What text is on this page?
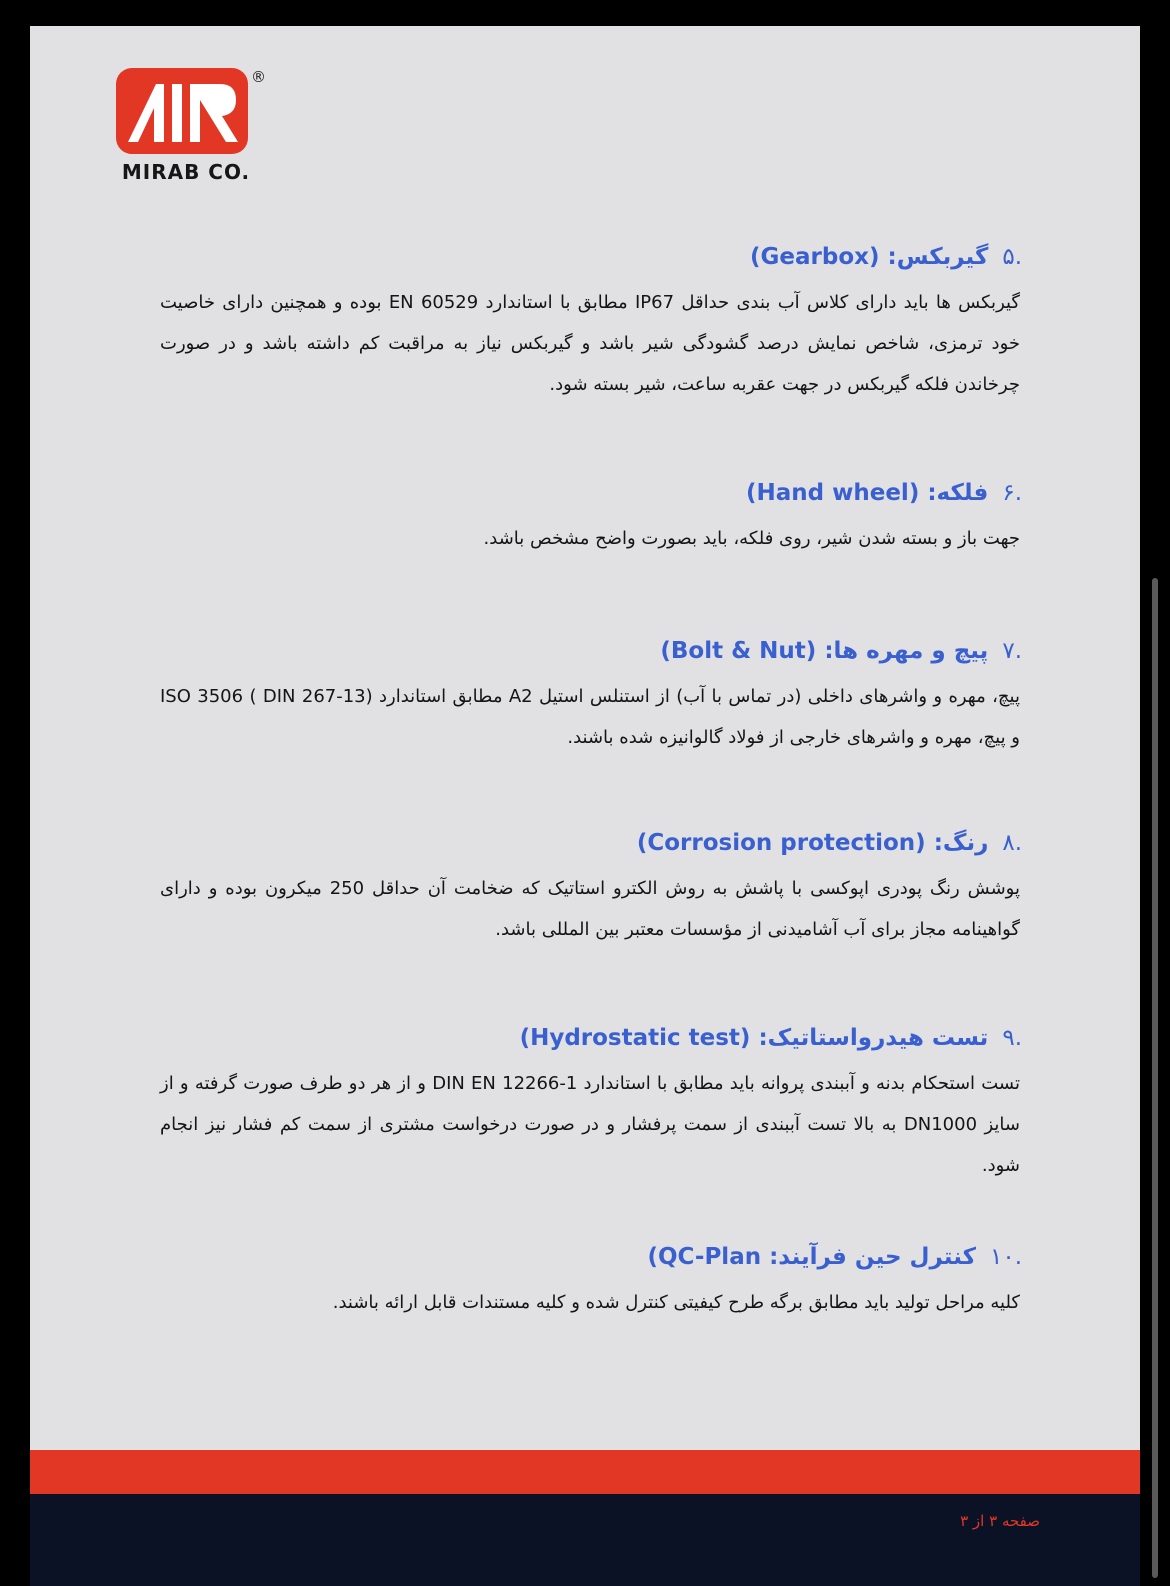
®
MIRAB CO.

.۵گیربکس: (Gearbox)

گیربکس ها باید دارای کلاس آب بندی حداقل IP67 مطابق با استاندارد EN 60529 بوده و همچنین دارای خاصیت خود ترمزی، شاخص نمایش درصد گشودگی شیر باشد و گیربکس نیاز به مراقبت کم داشته باشد و در صورت چرخاندن فلکه گیربکس در جهت عقربه ساعت، شیر بسته شود.

.۶فلکه: (Hand wheel)

جهت باز و بسته شدن شیر، روی فلکه، باید بصورت واضح مشخص باشد.

.۷پیچ و مهره ها: (Bolt & Nut)

پیچ، مهره و واشرهای داخلی (در تماس با آب) از استنلس استیل A2 مطابق استاندارد (DIN 267-13 ) ISO 3506 و پیچ، مهره و واشرهای خارجی از فولاد گالوانیزه شده باشند.

.۸رنگ: (Corrosion protection)

پوشش رنگ پودری اپوکسی با پاشش به روش الکترو استاتیک که ضخامت آن حداقل 250 میکرون بوده و دارای گواهینامه مجاز برای آب آشامیدنی از مؤسسات معتبر بین المللی باشد.

.۹تست هیدرواستاتیک: (Hydrostatic test)

تست استحکام بدنه و آببندی پروانه باید مطابق با استاندارد DIN EN 12266-1 و از هر دو طرف صورت گرفته و از سایز DN1000 به بالا تست آببندی از سمت پرفشار و در صورت درخواست مشتری از سمت کم فشار نیز انجام شود.

.۱۰کنترل حین فرآیند: (QC-Plan

کلیه مراحل تولید باید مطابق برگه طرح کیفیتی کنترل شده و کلیه مستندات قابل ارائه باشند.

صفحه ۳ از ۳
